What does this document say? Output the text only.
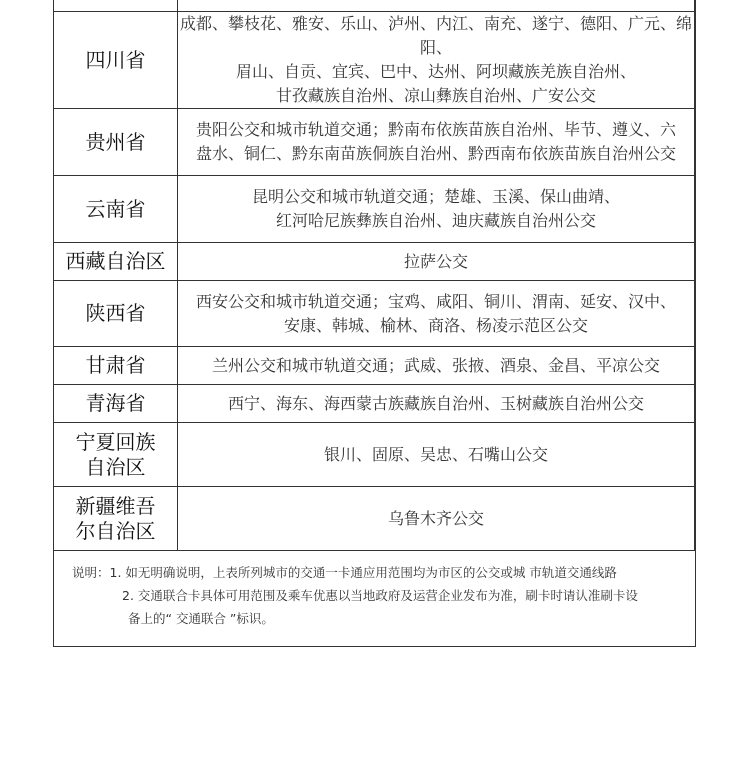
四川省	成都、攀枝花、雅安、乐山、泸州、内江、南充、遂宁、德阳、广元、绵阳、
眉山、自贡、宜宾、巴中、达州、阿坝藏族羌族自治州、
甘孜藏族自治州、凉山彝族自治州、广安公交

贵州省	贵阳公交和城市轨道交通；黔南布依族苗族自治州、毕节、遵义、六
盘水、铜仁、黔东南苗族侗族自治州、黔西南布依族苗族自治州公交

云南省	昆明公交和城市轨道交通；楚雄、玉溪、保山曲靖、
红河哈尼族彝族自治州、迪庆藏族自治州公交

西藏自治区	拉萨公交

陕西省	西安公交和城市轨道交通；宝鸡、咸阳、铜川、渭南、延安、汉中、
安康、韩城、榆林、商洛、杨凌示范区公交

甘肃省	兰州公交和城市轨道交通；武威、张掖、酒泉、金昌、平凉公交

青海省	西宁、海东、海西蒙古族藏族自治州、玉树藏族自治州公交

宁夏回族
自治区	银川、固原、吴忠、石嘴山公交

新疆维吾
尔自治区	乌鲁木齐公交
说明：1. 如无明确说明，上表所列城市的交通一卡通应用范围均为市区的公交或城 市轨道交通线路
2. 交通联合卡具体可用范围及乘车优惠以当地政府及运营企业发布为准，刷卡时请认准刷卡设
备上的“ 交通联合 ”标识。
